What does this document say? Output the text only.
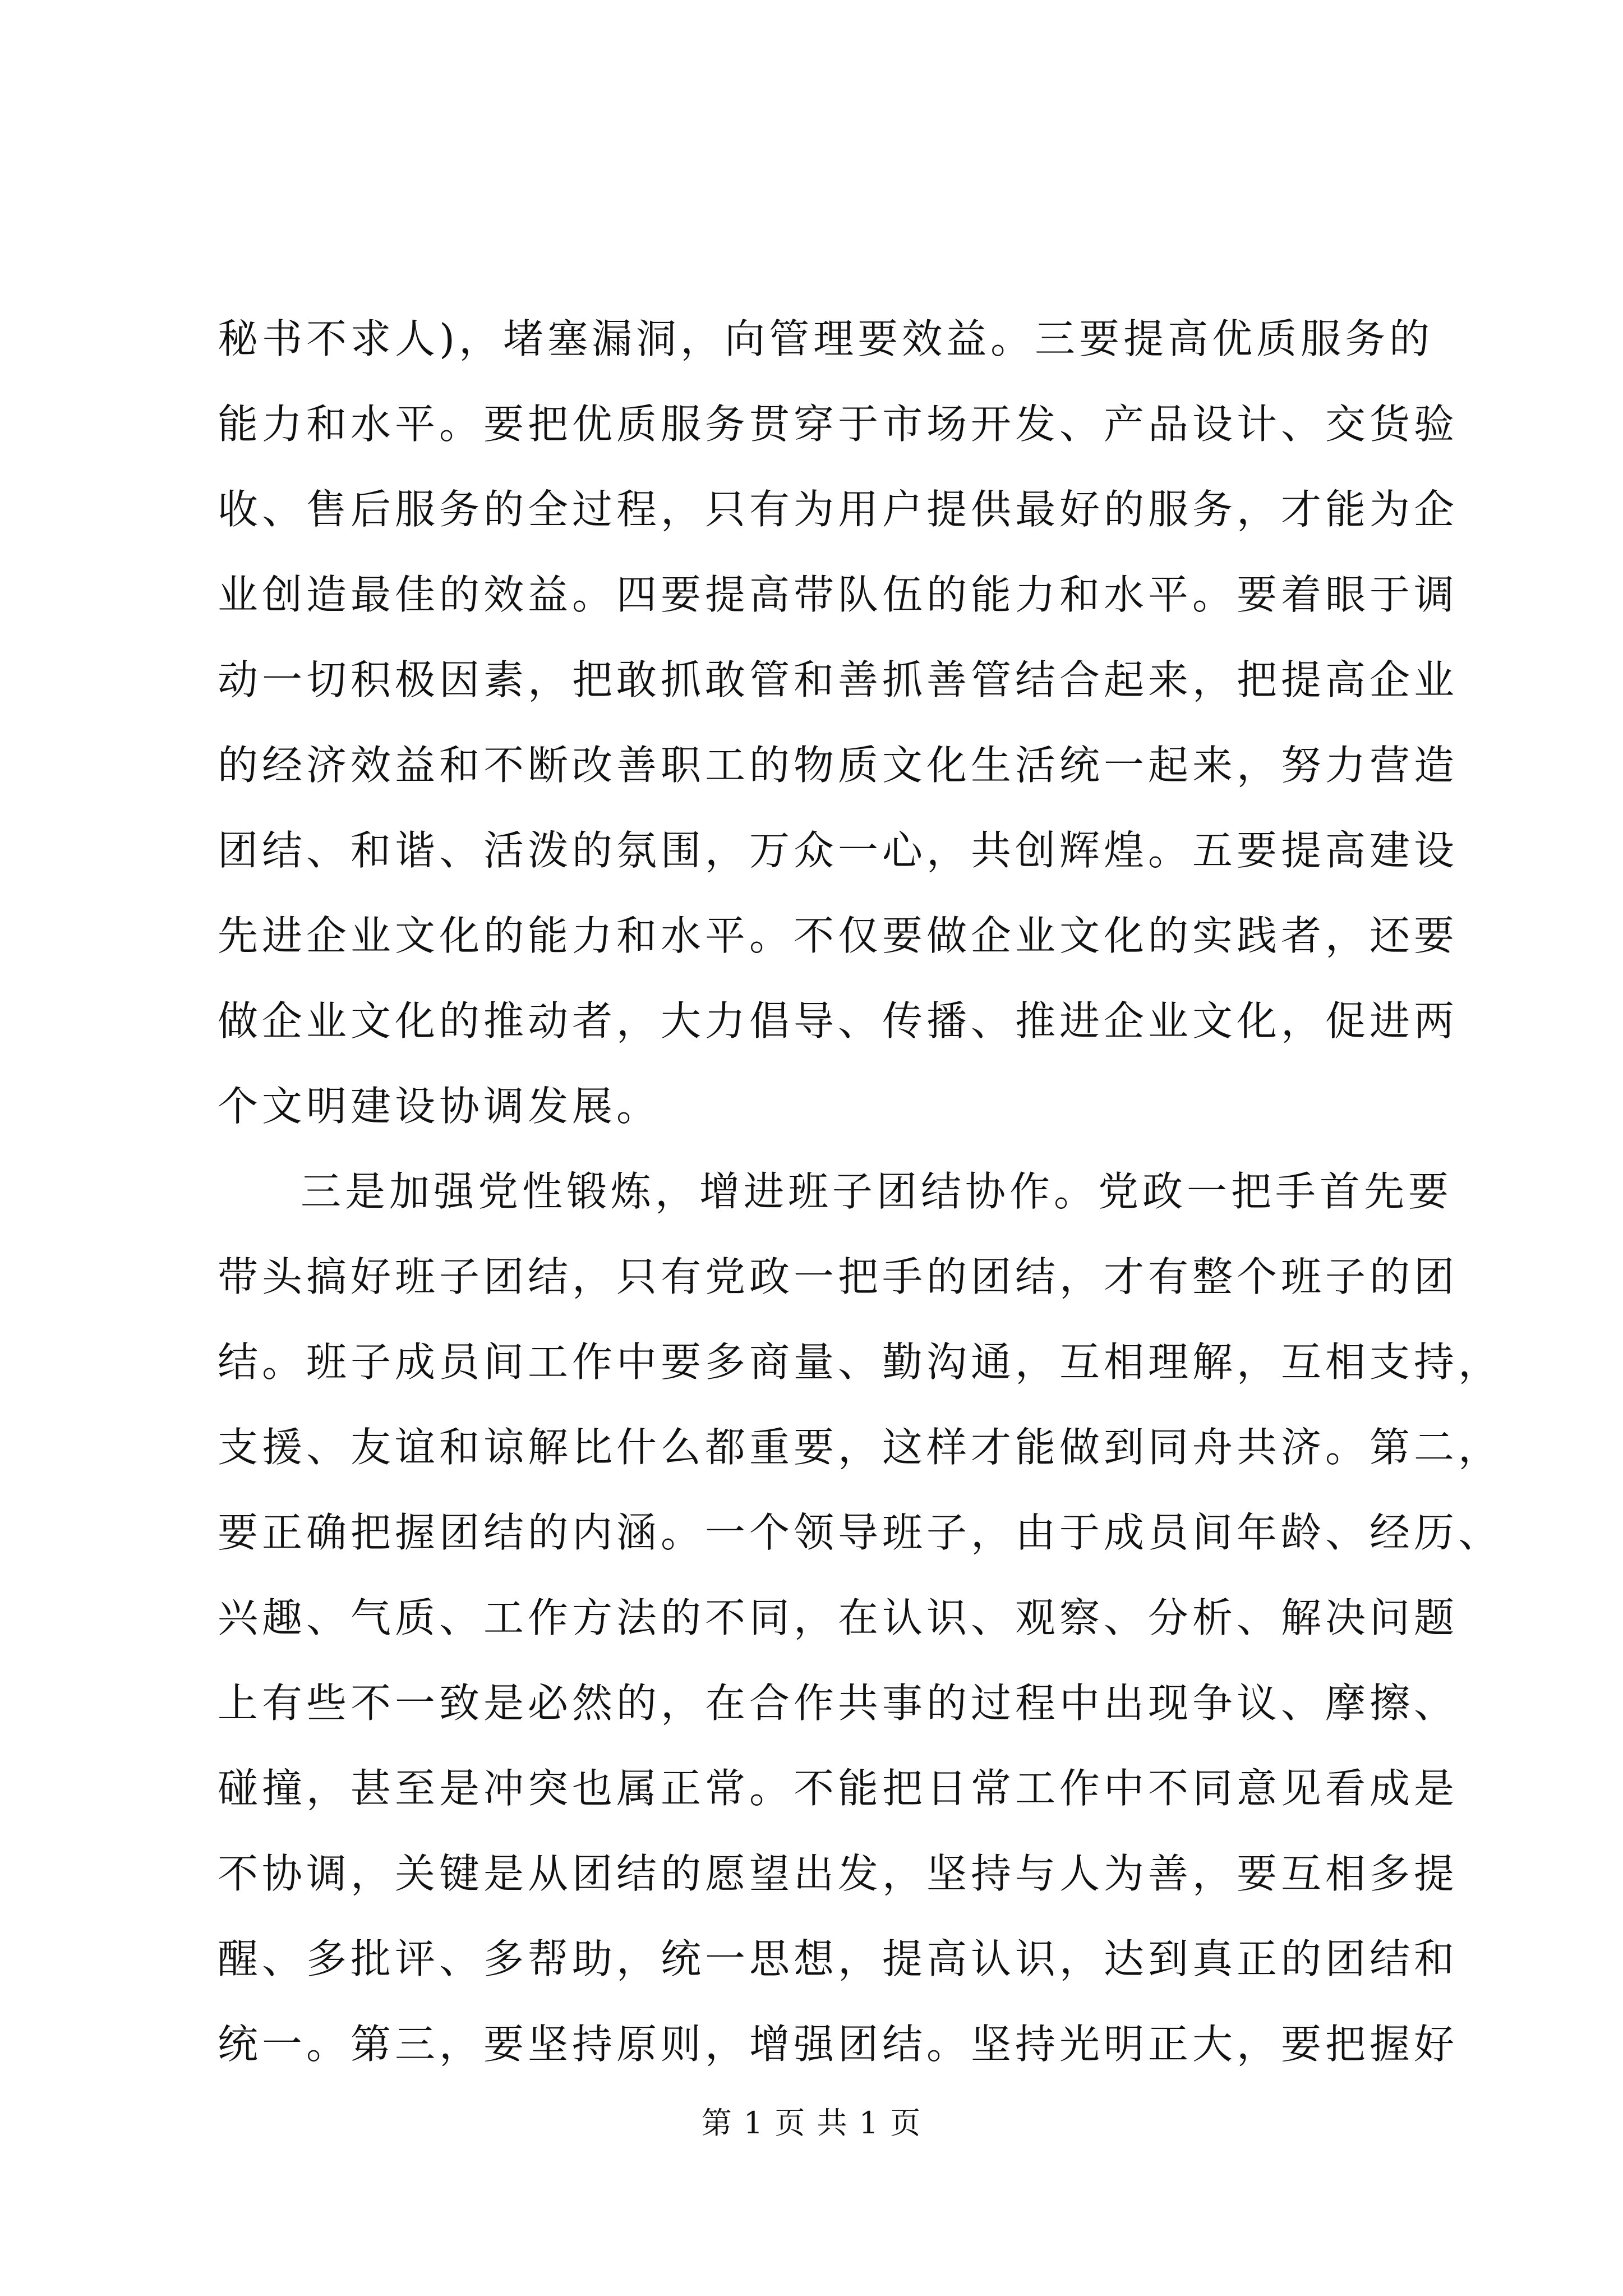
秘书不求人)，堵塞漏洞，向管理要效益。三要提高优质服务的
能力和水平。要把优质服务贯穿于市场开发、产品设计、交货验
收、售后服务的全过程，只有为用户提供最好的服务，才能为企
业创造最佳的效益。四要提高带队伍的能力和水平。要着眼于调
动一切积极因素，把敢抓敢管和善抓善管结合起来，把提高企业
的经济效益和不断改善职工的物质文化生活统一起来，努力营造
团结、和谐、活泼的氛围，万众一心，共创辉煌。五要提高建设
先进企业文化的能力和水平。不仅要做企业文化的实践者，还要
做企业文化的推动者，大力倡导、传播、推进企业文化，促进两
个文明建设协调发展。
三是加强党性锻炼，增进班子团结协作。党政一把手首先要
带头搞好班子团结，只有党政一把手的团结，才有整个班子的团
结。班子成员间工作中要多商量、勤沟通，互相理解，互相支持，
支援、友谊和谅解比什么都重要，这样才能做到同舟共济。第二，
要正确把握团结的内涵。一个领导班子，由于成员间年龄、经历、
兴趣、气质、工作方法的不同，在认识、观察、分析、解决问题
上有些不一致是必然的，在合作共事的过程中出现争议、摩擦、
碰撞，甚至是冲突也属正常。不能把日常工作中不同意见看成是
不协调，关键是从团结的愿望出发，坚持与人为善，要互相多提
醒、多批评、多帮助，统一思想，提高认识，达到真正的团结和
统一。第三，要坚持原则，增强团结。坚持光明正大，要把握好
第 1 页 共 1 页
